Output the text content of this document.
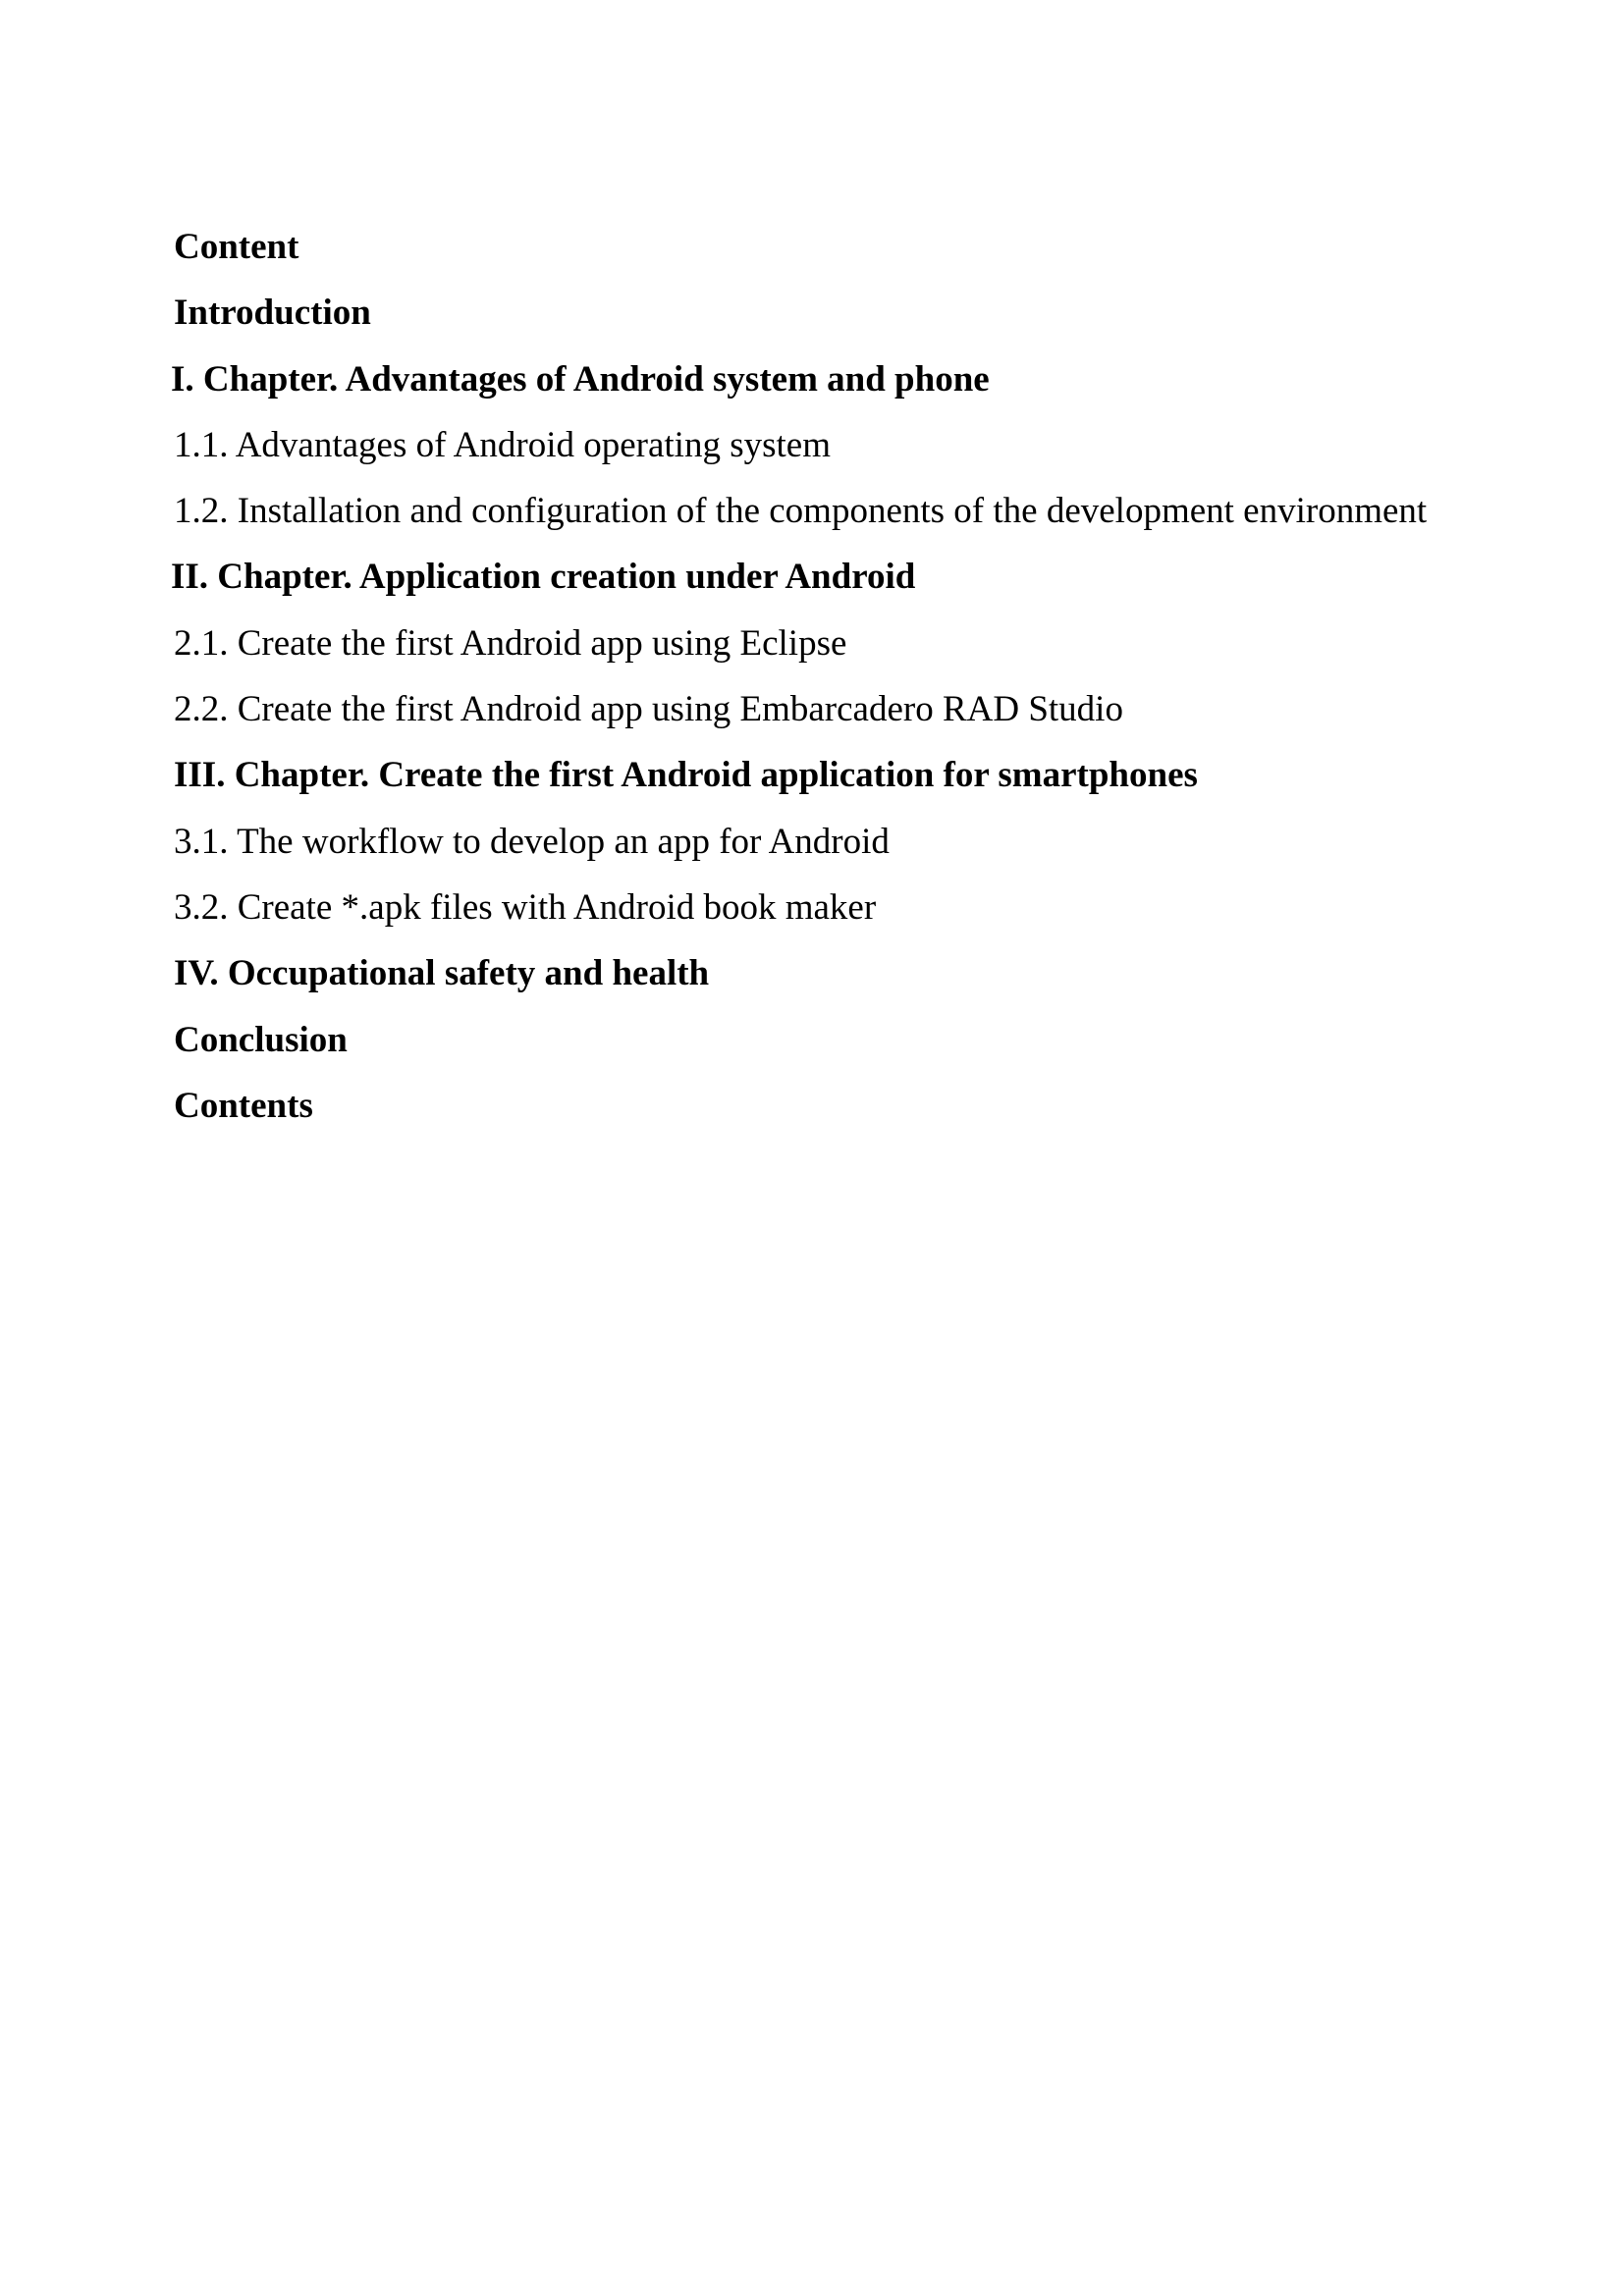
Content
Introduction
I. Chapter. Advantages of Android system and phone
1.1. Advantages of Android operating system
1.2. Installation and configuration of the components of the development environment
II. Chapter. Application creation under Android
2.1. Create the first Android app using Eclipse
2.2. Create the first Android app using Embarcadero RAD Studio
III. Chapter. Create the first Android application for smartphones
3.1. The workflow to develop an app for Android
3.2. Create *.apk files with Android book maker
IV. Occupational safety and health
Conclusion
Contents
